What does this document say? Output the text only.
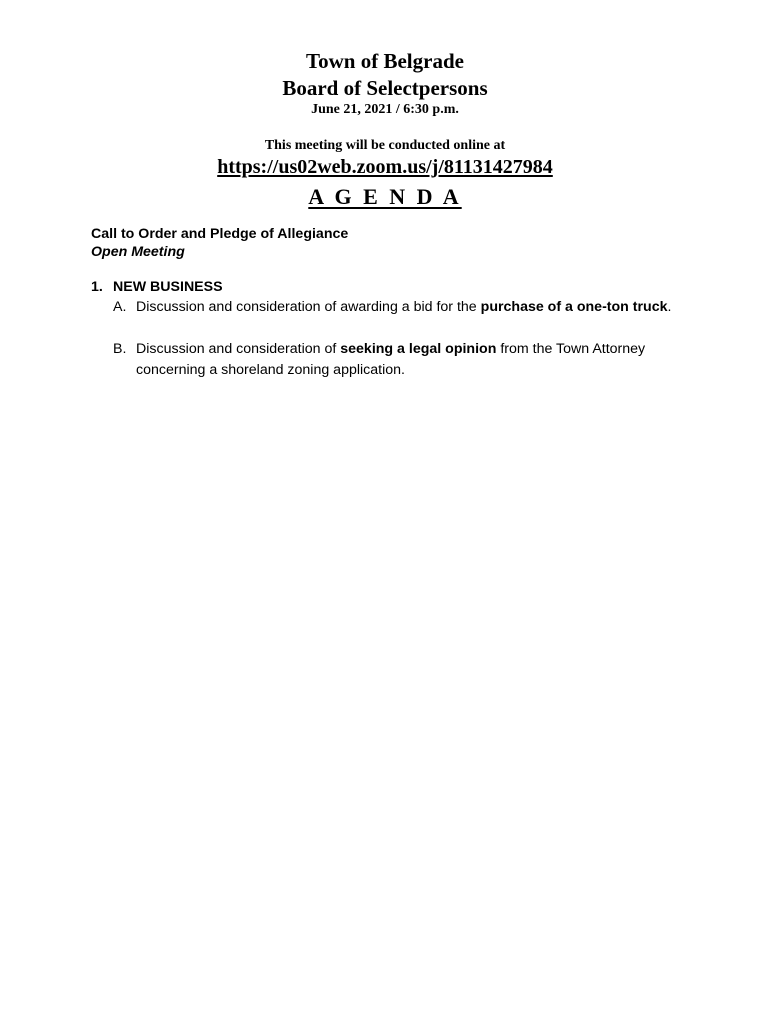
Town of Belgrade
Board of Selectpersons
June 21, 2021 / 6:30 p.m.
This meeting will be conducted online at
https://us02web.zoom.us/j/81131427984
A G E N D A
Call to Order and Pledge of Allegiance
Open Meeting
1. NEW BUSINESS
A. Discussion and consideration of awarding a bid for the purchase of a one-ton truck.
B. Discussion and consideration of seeking a legal opinion from the Town Attorney concerning a shoreland zoning application.
